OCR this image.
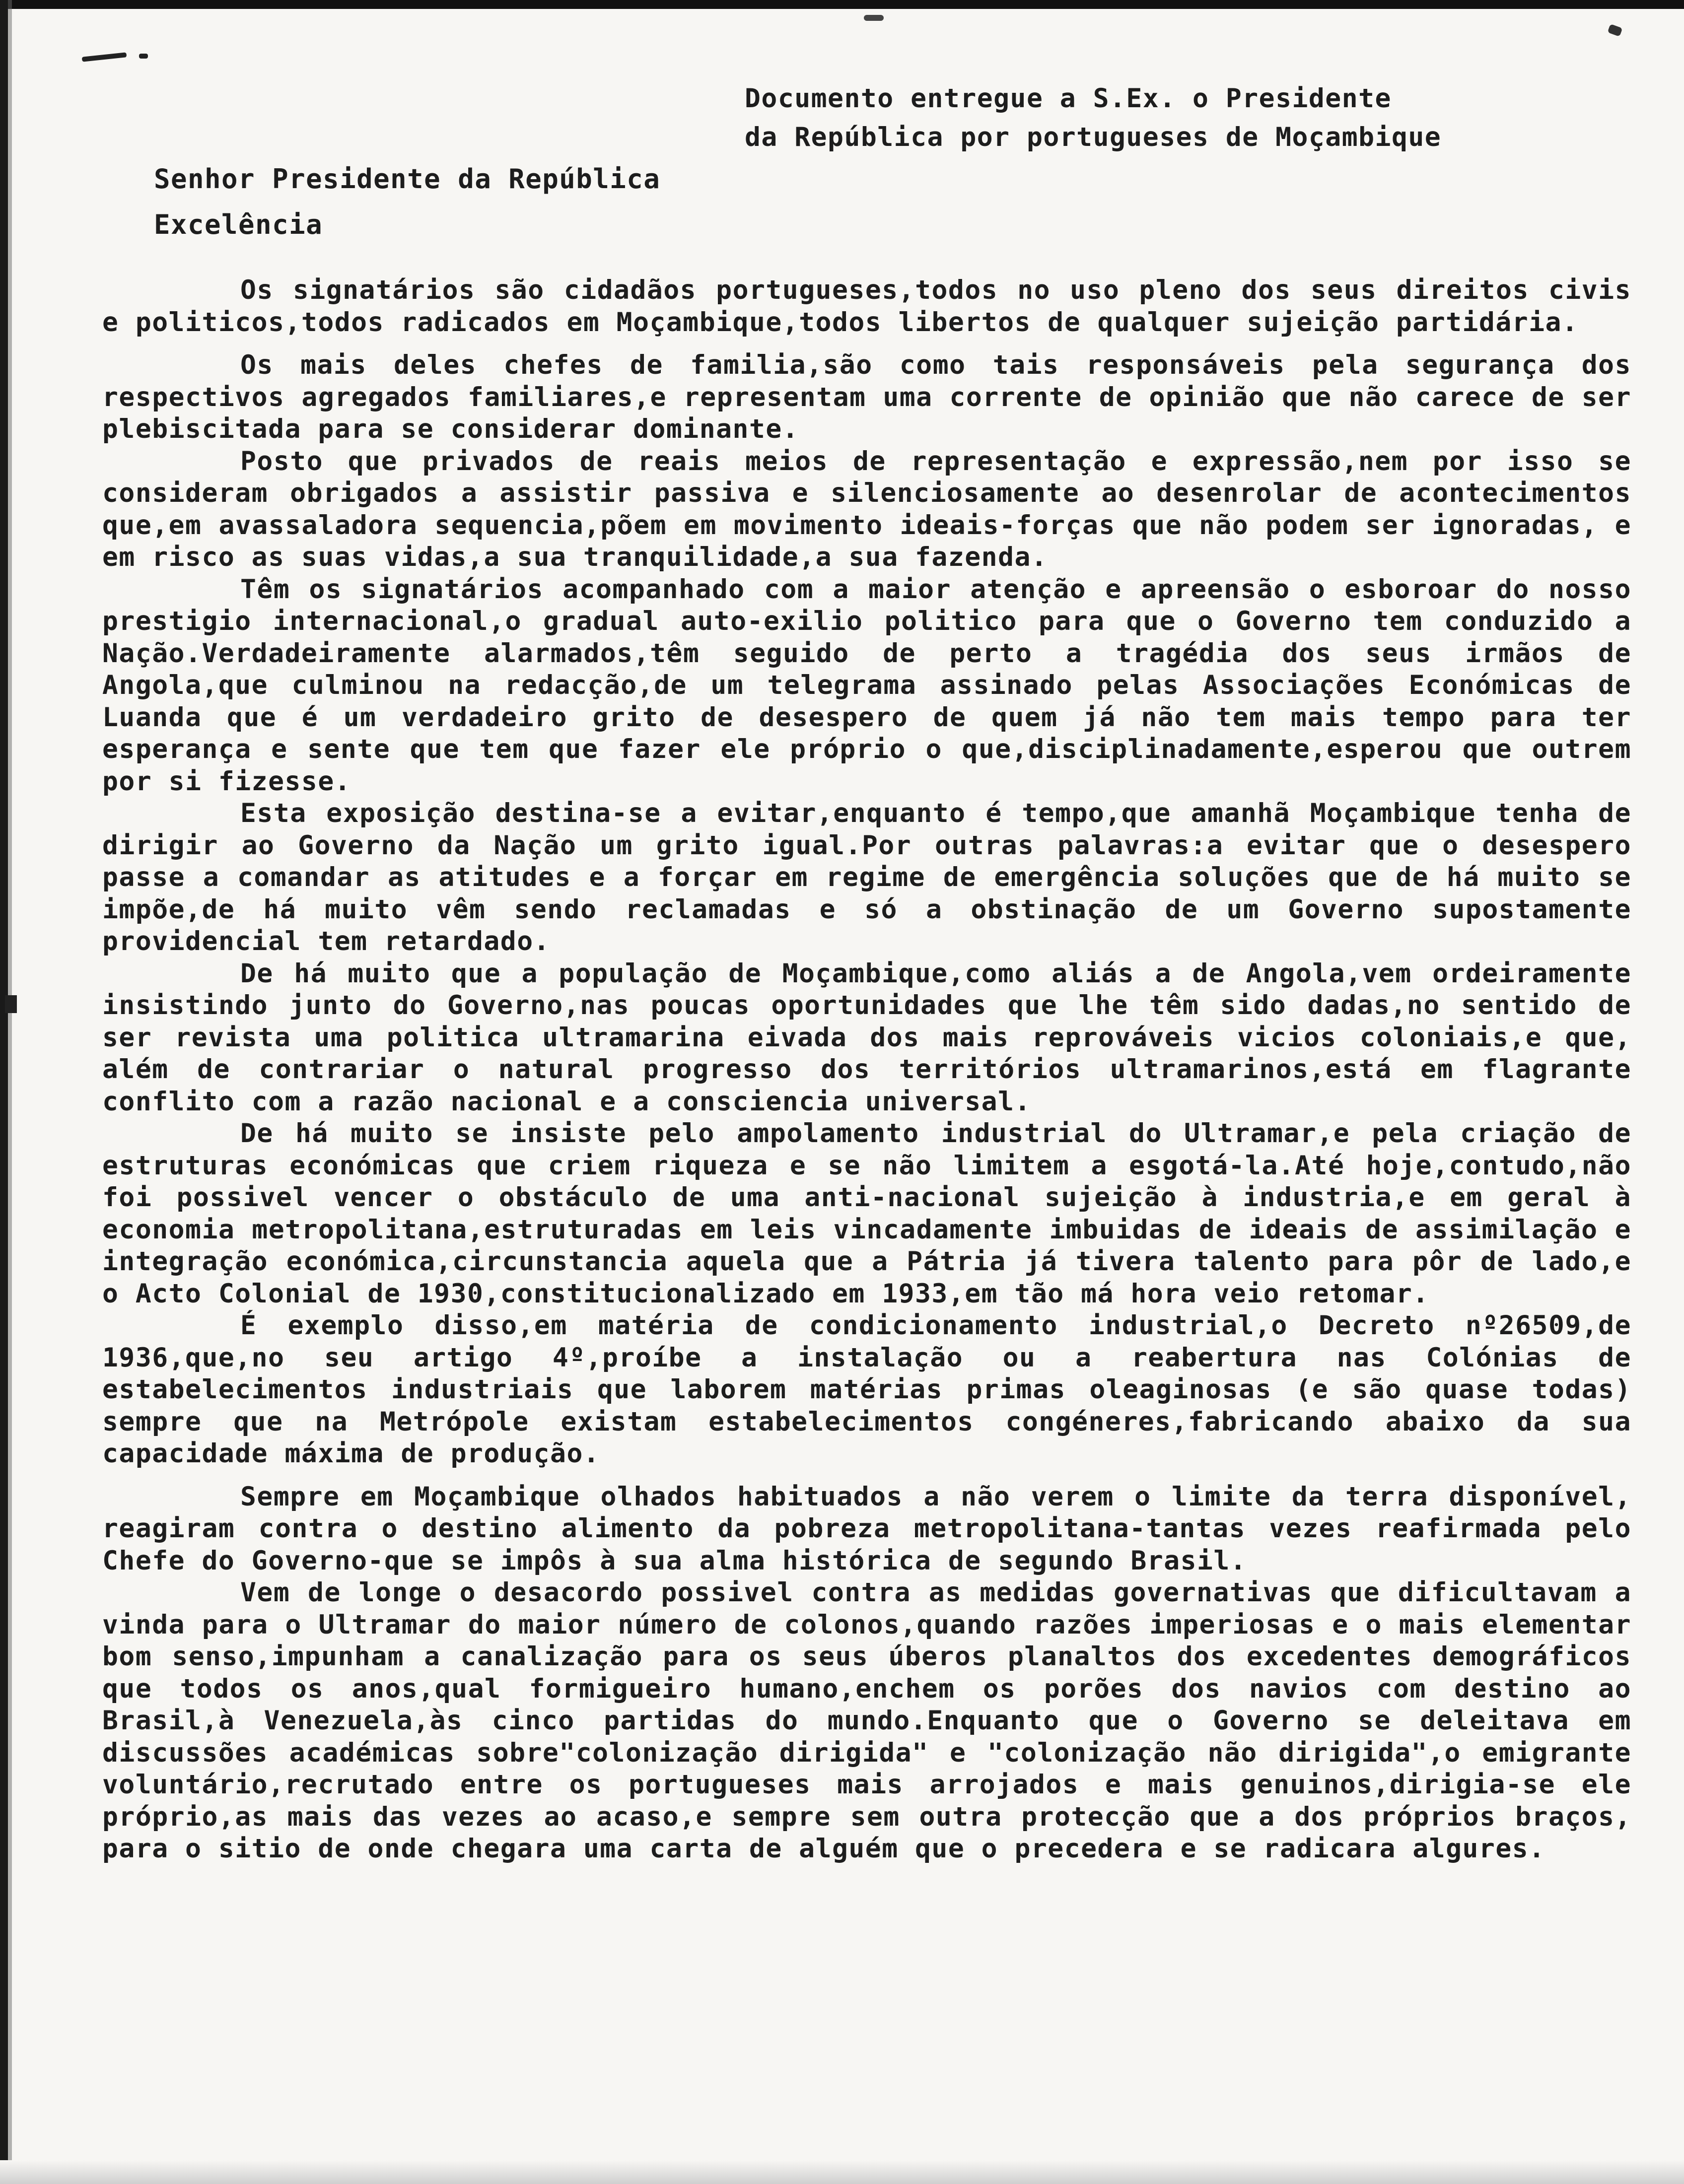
Documento entregue a S.Ex. o Presidente
da República por portugueses de Moçambique
Senhor Presidente da República
Excelência

Os signatários são cidadãos portugueses,todos no uso pleno dos seus direitos civis e politicos,todos radicados em Moçambique,todos libertos de qualquer sujeição partidária.

Os mais deles chefes de familia,são como tais responsáveis pela segurança dos respectivos agregados familiares,e representam uma corrente de opinião que não carece de ser plebiscitada para se considerar dominante.

Posto que privados de reais meios de representação e expressão,nem por isso se consideram obrigados a assistir passiva e silenciosamente ao desenrolar de acontecimentos que,em avassaladora sequencia,põem em movimento ideais-forças que não podem ser ignoradas, e em risco as suas vidas,a sua tranquilidade,a sua fazenda.

Têm os signatários acompanhado com a maior atenção e apreensão o esboroar do nosso prestigio internacional,o gradual auto-exilio politico para que o Governo tem conduzido a Nação.Verdadeiramente alarmados,têm seguido de perto a tragédia dos seus irmãos de Angola,que culminou na redacção,de um telegrama assinado pelas Associações Económicas de Luanda que é um verdadeiro grito de desespero de quem já não tem mais tempo para ter esperança e sente que tem que fazer ele próprio o que,disciplinadamente,esperou que outrem por si fizesse.

Esta exposição destina-se a evitar,enquanto é tempo,que amanhã Moçambique tenha de dirigir ao Governo da Nação um grito igual.Por outras palavras:a evitar que o desespero passe a comandar as atitudes e a forçar em regime de emergência soluções que de há muito se impõe,de há muito vêm sendo reclamadas e só a obstinação de um Governo supostamente providencial tem retardado.

De há muito que a população de Moçambique,como aliás a de Angola,vem ordeiramente insistindo junto do Governo,nas poucas oportunidades que lhe têm sido dadas,no sentido de ser revista uma politica ultramarina eivada dos mais reprováveis vicios coloniais,e que, além de contrariar o natural progresso dos territórios ultramarinos,está em flagrante conflito com a razão nacional e a consciencia universal.

De há muito se insiste pelo ampolamento industrial do Ultramar,e pela criação de estruturas económicas que criem riqueza e se não limitem a esgotá-la.Até hoje,contudo,não foi possivel vencer o obstáculo de uma anti-nacional sujeição à industria,e em geral à economia metropolitana,estruturadas em leis vincadamente imbuidas de ideais de assimilação e integração económica,circunstancia aquela que a Pátria já tivera talento para pôr de lado,e o Acto Colonial de 1930,constitucionalizado em 1933,em tão má hora veio retomar.

É exemplo disso,em matéria de condicionamento industrial,o Decreto nº26509,de 1936,que,no seu artigo 4º,proíbe a instalação ou a reabertura nas Colónias de estabelecimentos industriais que laborem matérias primas oleaginosas (e são quase todas) sempre que na Metrópole existam estabelecimentos congéneres,fabricando abaixo da sua capacidade máxima de produção.

Sempre em Moçambique olhados habituados a não verem o limite da terra disponível, reagiram contra o destino alimento da pobreza metropolitana-tantas vezes reafirmada pelo Chefe do Governo-que se impôs à sua alma histórica de segundo Brasil.

Vem de longe o desacordo possivel contra as medidas governativas que dificultavam a vinda para o Ultramar do maior número de colonos,quando razões imperiosas e o mais elementar bom senso,impunham a canalização para os seus úberos planaltos dos excedentes demográficos que todos os anos,qual formigueiro humano,enchem os porões dos navios com destino ao Brasil,à Venezuela,às cinco partidas do mundo.Enquanto que o Governo se deleitava em discussões académicas sobre"colonização dirigida" e "colonização não dirigida",o emigrante voluntário,recrutado entre os portugueses mais arrojados e mais genuinos,dirigia-se ele próprio,as mais das vezes ao acaso,e sempre sem outra protecção que a dos próprios braços, para o sitio de onde chegara uma carta de alguém que o precedera e se radicara algures.
